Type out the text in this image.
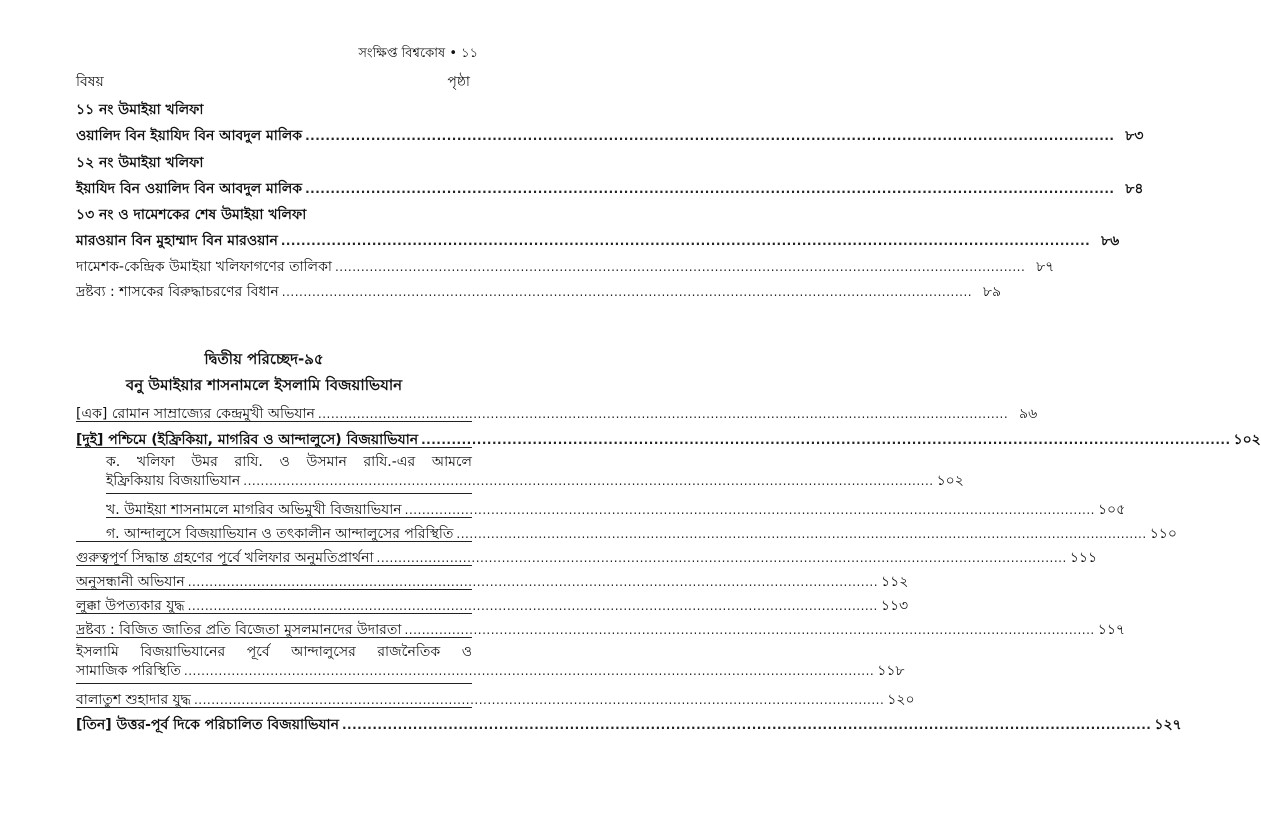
সংক্ষিপ্ত বিশ্বকোষ • ১১
বিষয়	পৃষ্ঠা
১১ নং উমাইয়া খলিফা
ওয়ালিদ বিন ইয়াযিদ বিন আবদুল মালিক .....	৮৩
১২ নং উমাইয়া খলিফা
ইয়াযিদ বিন ওয়ালিদ বিন আবদুল মালিক .....	৮৪
১৩ নং ও দামেশকের শেষ উমাইয়া খলিফা
মারওয়ান বিন মুহাম্মাদ বিন মারওয়ান .....	৮৬
দামেশক-কেন্দ্রিক উমাইয়া খলিফাগণের তালিকা .....	৮৭
দ্রষ্টব্য : শাসকের বিরুদ্ধাচরণের বিধান .....	৮৯
দ্বিতীয় পরিচ্ছেদ-৯৫
বনু উমাইয়ার শাসনামলে ইসলামি বিজয়াভিযান
[এক] রোমান সাম্রাজ্যের কেন্দ্রমুখী অভিযান .....	৯৬
[দুই] পশ্চিমে (ইফ্রিকিয়া, মাগরিব ও আন্দালুসে) বিজয়াভিযান .....	১০২
ক. খলিফা উমর রাযি. ও উসমান রাযি.-এর আমলে
ইফ্রিকিয়ায় বিজয়াভিযান .....	১০২
খ. উমাইয়া শাসনামলে মাগরিব অভিমুখী বিজয়াভিযান .....	১০৫
গ. আন্দালুসে বিজয়াভিযান ও তৎকালীন আন্দালুসের পরিস্থিতি .....	১১০
গুরুত্বপূর্ণ সিদ্ধান্ত গ্রহণের পূর্বে খলিফার অনুমতিপ্রার্থনা .....	১১১
অনুসন্ধানী অভিযান .....	১১২
লুক্কা উপত্যকার যুদ্ধ .....	১১৩
দ্রষ্টব্য : বিজিত জাতির প্রতি বিজেতা মুসলমানদের উদারতা .....	১১৭
ইসলামি বিজয়াভিযানের পূর্বে আন্দালুসের রাজনৈতিক ও
সামাজিক পরিস্থিতি .....	১১৮
বালাতুশ শুহাদার যুদ্ধ .....	১২০
[তিন] উত্তর-পূর্ব দিকে পরিচালিত বিজয়াভিযান .....	১২৭
